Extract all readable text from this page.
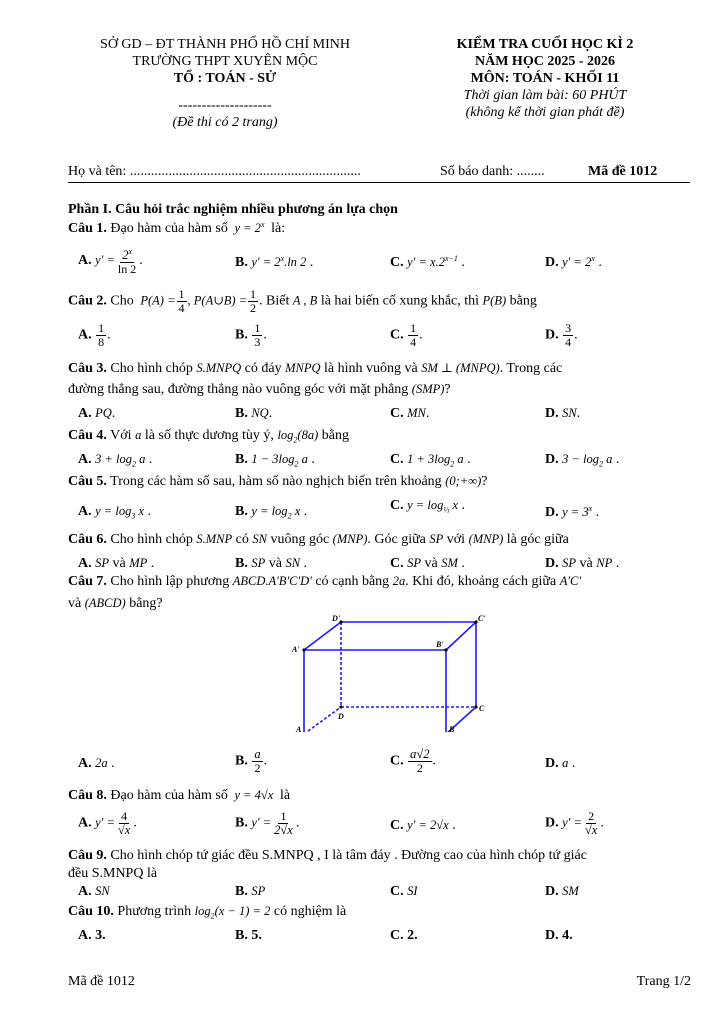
SỞ GD – ĐT THÀNH PHỐ HỒ CHÍ MINH
TRƯỜNG THPT XUYÊN MỘC
TỔ : TOÁN - SỬ
--------------------
(Đề thi có 2 trang)
KIỂM TRA CUỐI HỌC KÌ 2
NĂM HỌC 2025 - 2026
MÔN: TOÁN - KHỐI 11
Thời gian làm bài: 60 PHÚT
(không kể thời gian phát đề)
Họ và tên: ..................................................................	Số báo danh: ........	Mã đề 1012
Phần I. Câu hỏi trắc nghiệm nhiều phương án lựa chọn
Câu 1. Đạo hàm của hàm số  $y = 2^x$ là:
A. $y' = \frac{2^x}{\ln 2}$ .	B. $y' = 2^x.\ln$ 2 .	C. $y' = x.2^{x-1}$ .	D. $y' = 2^x$ .
Câu 2. Cho  $P(A) = \frac{1}{4}$ , P(A∪B) = $\frac{1}{2}$ . Biết A , B là hai biến cố xung khắc, thì P(B) bằng
A. $\frac{1}{8}$ .	B. $\frac{1}{3}$ .	C. $\frac{1}{4}$ .	D. $\frac{3}{4}$ .
Câu 3. Cho hình chóp S.MNPQ có đáy MNPQ là hình vuông và SM ⊥ (MNPQ). Trong các
đường thẳng sau, đường thẳng nào vuông góc với mặt phẳng (SMP)?
A. PQ.	B. NQ.	C. MN.	D. SN.
Câu 4. Với a là số thực dương tùy ý, $\log_2(8a)$ bằng
A. $3 + \log_2 a$ .	B. $1 - 3\log_2$ a .	C. $1 + 3\log_2$ a .	D. $3 - \log_2 a$ .
Câu 5. Trong các hàm số sau, hàm số nào nghịch biến trên khoảng (0;+∞)?
A. $y = \log_3 x$ .	B. $y = \log_2 x$ .	C. $y = \log_{\frac{1}{3}} x$ .	D. $y = 3^x$ .
Câu 6. Cho hình chóp S.MNP có SN vuông góc (MNP). Góc giữa SP với (MNP) là góc giữa
A. SP và MP .	B. SP và SN .	C. SP và SM .	D. SP và NP .
Câu 7. Cho hình lập phương ABCD.A'B'C'D' có cạnh bằng 2a. Khi đó, khoảng cách giữa A'C'
và (ABCD) bằng?
D'	C'
A'
B'
D
C
A	B
A. 2a .	B. $\frac{a}{2}$ .	C. $\frac{a√2}{2}$ .	D. a .
Câu 8. Đạo hàm của hàm số  y = 4√x  là
A. $y' = \frac{4}{√x}$ .	B. $y' = \frac{1}{2√x}$ .	C. y' = 2√x .	D. $y' = \frac{2}{√x}$ .
Câu 9. Cho hình chóp tứ giác đều S.MNPQ , I là tâm đáy . Đường cao của hình chóp tứ giác
đều S.MNPQ là
A. SN	B. SP	C. SI	D. SM
Câu 10. Phương trình $\log_2(x - 1) = 2$ có nghiệm là
A. 3.	B. 5.	C. 2.	D. 4.
Mã đề 1012	Trang 1/2
